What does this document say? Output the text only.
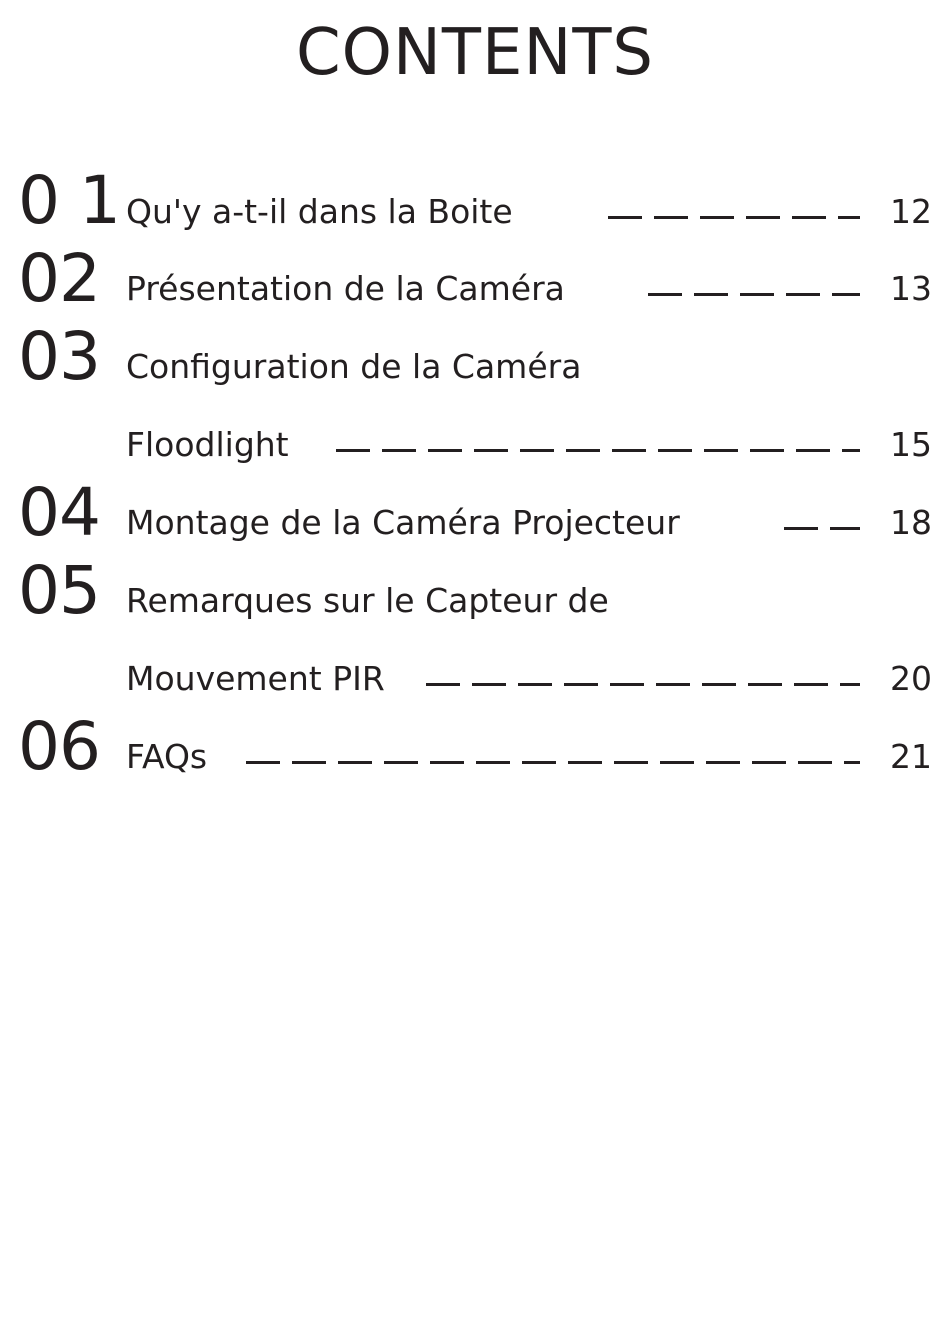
CONTENTS
0 1 Qu'y a-t-il dans la Boite	12
02 Présentation de la Caméra	13
03 Configuration de la Caméra
Floodlight	15
04 Montage de la Caméra Projecteur	18
05 Remarques sur le Capteur de
Mouvement PIR	20
06 FAQs	21
